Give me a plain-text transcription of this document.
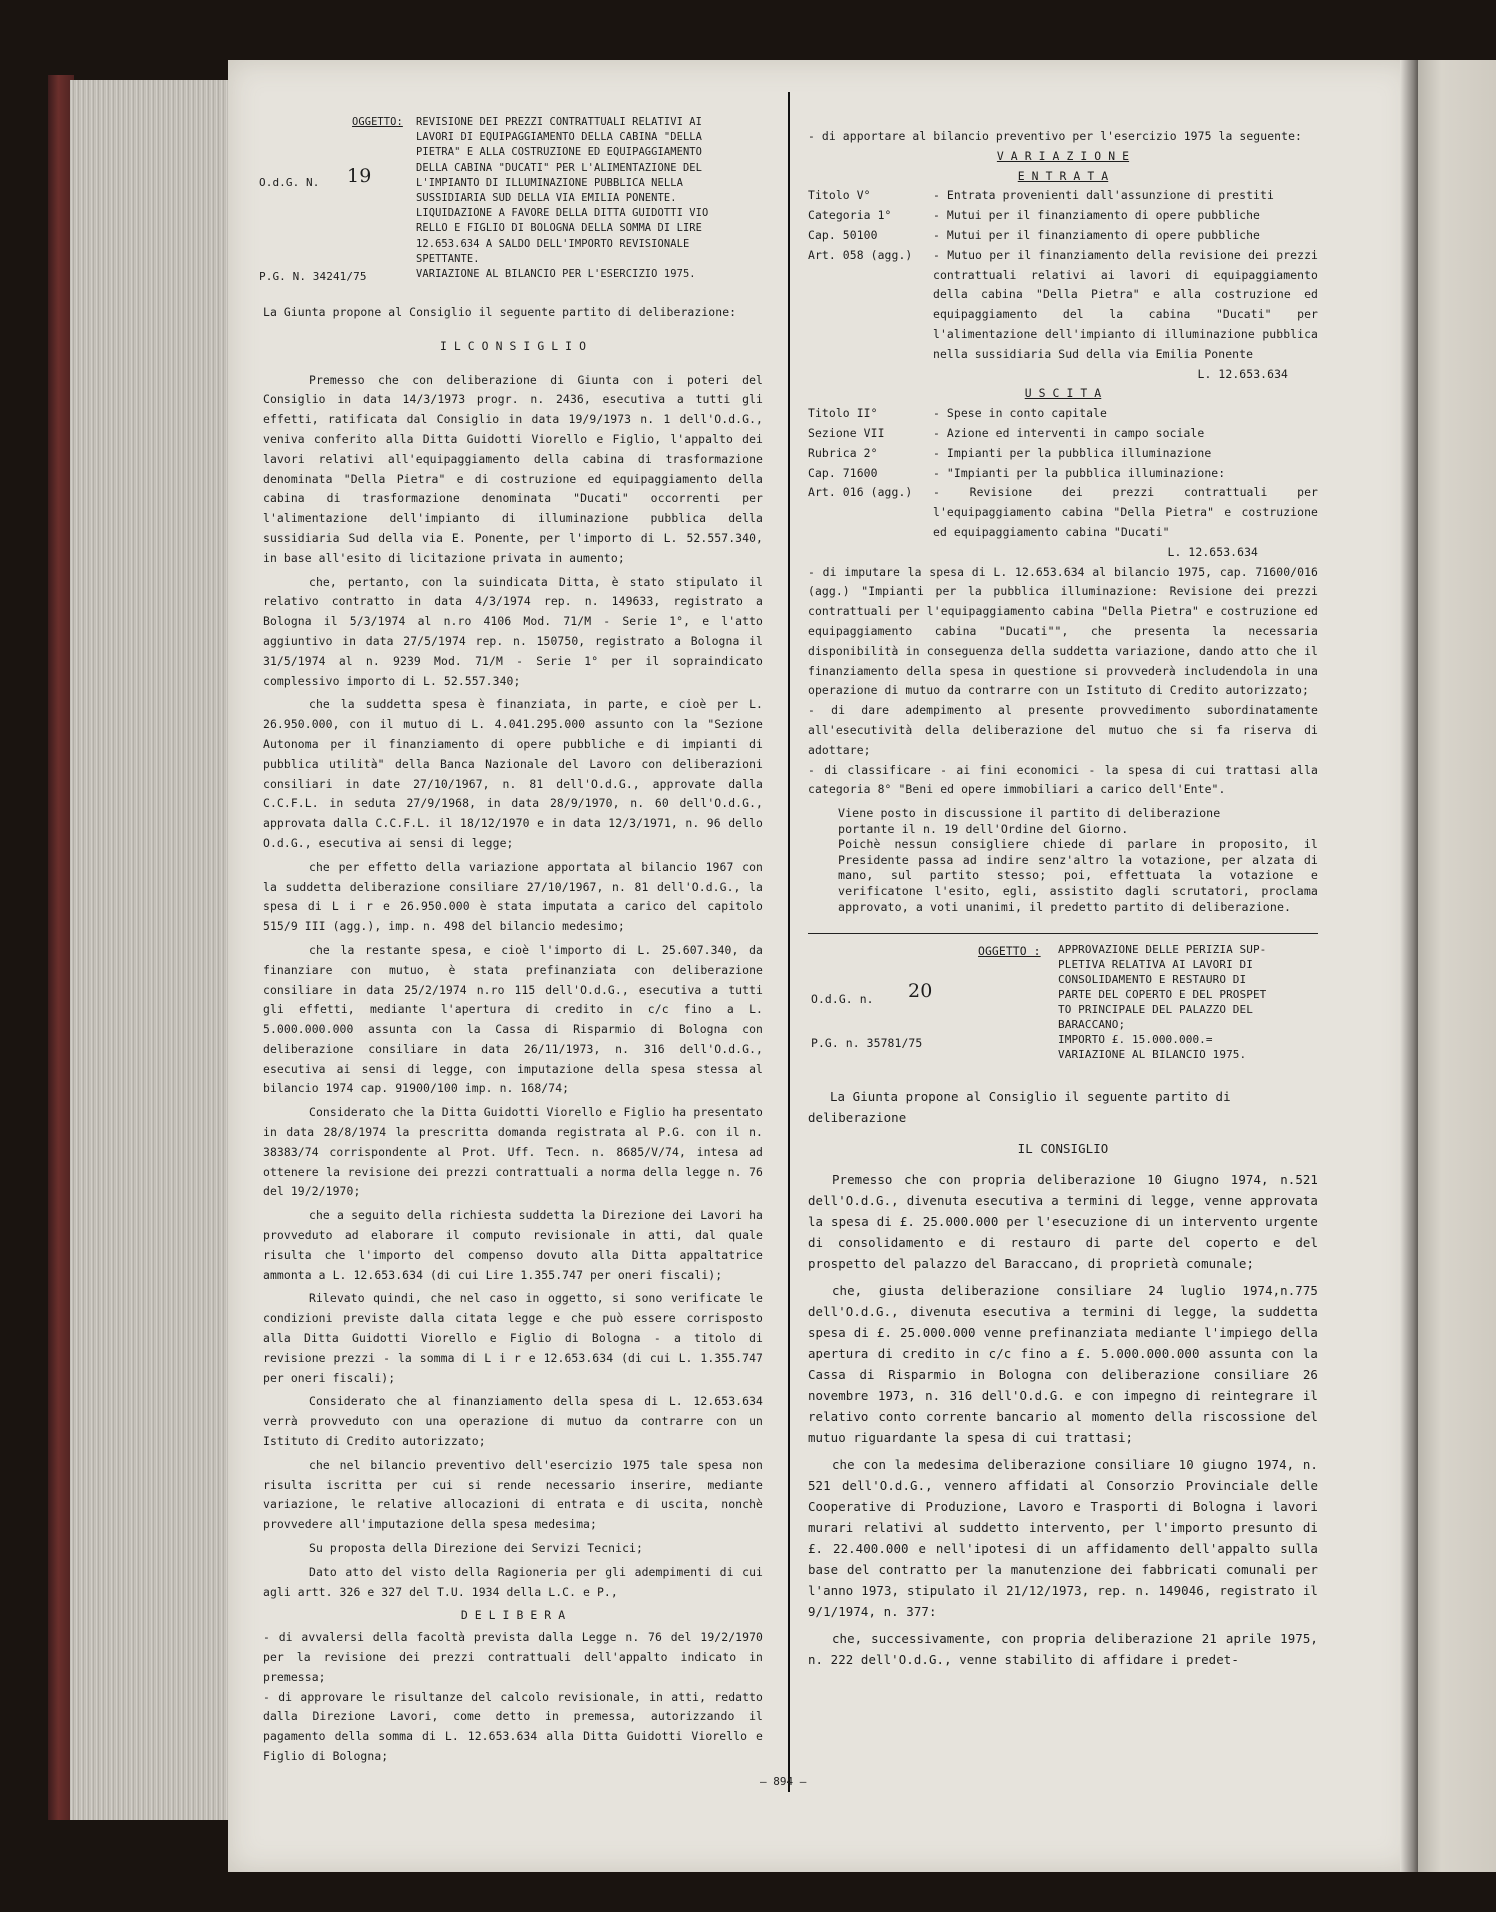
OGGETTO: REVISIONE DEI PREZZI CONTRATTUALI RELATIVI AI

LAVORI DI EQUIPAGGIAMENTO DELLA CABINA "DELLA

PIETRA" E ALLA COSTRUZIONE ED EQUIPAGGIAMENTO

DELLA CABINA "DUCATI" PER L'ALIMENTAZIONE DEL

L'IMPIANTO DI ILLUMINAZIONE PUBBLICA NELLA

SUSSIDIARIA SUD DELLA VIA EMILIA PONENTE.

LIQUIDAZIONE A FAVORE DELLA DITTA GUIDOTTI VIO

RELLO E FIGLIO DI BOLOGNA DELLA SOMMA DI LIRE

12.653.634 A SALDO DELL'IMPORTO REVISIONALE

SPETTANTE.

VARIAZIONE AL BILANCIO PER L'ESERCIZIO 1975.

O.d.G. N. 19
P.G. N. 34241/75

La Giunta propone al Consiglio il seguente partito di deliberazione:

I L C O N S I G L I O

Premesso che con deliberazione di Giunta con i poteri del Consiglio in data 14/3/1973 progr. n. 2436, esecutiva a tutti gli effetti, ratificata dal Consiglio in data 19/9/1973 n. 1 dell'O.d.G., veniva conferito alla Ditta Guidotti Viorello e Figlio, l'appalto dei lavori relativi all'equipaggiamento della cabina di trasformazione denominata "Della Pietra" e di costruzione ed equipaggiamento della cabina di trasformazione denominata "Ducati" occorrenti per l'alimentazione dell'impianto di illuminazione pubblica della sussidiaria Sud della via E. Ponente, per l'importo di L. 52.557.340, in base all'esito di licitazione privata in aumento;

che, pertanto, con la suindicata Ditta, è stato stipulato il relativo contratto in data 4/3/1974 rep. n. 149633, registrato a Bologna il 5/3/1974 al n.ro 4106 Mod. 71/M - Serie 1°, e l'atto aggiuntivo in data 27/5/1974 rep. n. 150750, registrato a Bologna il 31/5/1974 al n. 9239 Mod. 71/M - Serie 1° per il sopraindicato complessivo importo di L. 52.557.340;

che la suddetta spesa è finanziata, in parte, e cioè per L. 26.950.000, con il mutuo di L. 4.041.295.000 assunto con la "Sezione Autonoma per il finanziamento di opere pubbliche e di impianti di pubblica utilità" della Banca Nazionale del Lavoro con deliberazioni consiliari in date 27/10/1967, n. 81 dell'O.d.G., approvate dalla C.C.F.L. in seduta 27/9/1968, in data 28/9/1970, n. 60 dell'O.d.G., approvata dalla C.C.F.L. il 18/12/1970 e in data 12/3/1971, n. 96 dello O.d.G., esecutiva ai sensi di legge;

che per effetto della variazione apportata al bilancio 1967 con la suddetta deliberazione consiliare 27/10/1967, n. 81 dell'O.d.G., la spesa di L i r e 26.950.000 è stata imputata a carico del capitolo 515/9 III (agg.), imp. n. 498 del bilancio medesimo;

che la restante spesa, e cioè l'importo di L. 25.607.340, da finanziare con mutuo, è stata prefinanziata con deliberazione consiliare in data 25/2/1974 n.ro 115 dell'O.d.G., esecutiva a tutti gli effetti, mediante l'apertura di credito in c/c fino a L. 5.000.000.000 assunta con la Cassa di Risparmio di Bologna con deliberazione consiliare in data 26/11/1973, n. 316 dell'O.d.G., esecutiva ai sensi di legge, con imputazione della spesa stessa al bilancio 1974 cap. 91900/100 imp. n. 168/74;

Considerato che la Ditta Guidotti Viorello e Figlio ha presentato in data 28/8/1974 la prescritta domanda registrata al P.G. con il n. 38383/74 corrispondente al Prot. Uff. Tecn. n. 8685/V/74, intesa ad ottenere la revisione dei prezzi contrattuali a norma della legge n. 76 del 19/2/1970;

che a seguito della richiesta suddetta la Direzione dei Lavori ha provveduto ad elaborare il computo revisionale in atti, dal quale risulta che l'importo del compenso dovuto alla Ditta appaltatrice ammonta a L. 12.653.634 (di cui Lire 1.355.747 per oneri fiscali);

Rilevato quindi, che nel caso in oggetto, si sono verificate le condizioni previste dalla citata legge e che può essere corrisposto alla Ditta Guidotti Viorello e Figlio di Bologna - a titolo di revisione prezzi - la somma di L i r e 12.653.634 (di cui L. 1.355.747 per oneri fiscali);

Considerato che al finanziamento della spesa di L. 12.653.634 verrà provveduto con una operazione di mutuo da contrarre con un Istituto di Credito autorizzato;

che nel bilancio preventivo dell'esercizio 1975 tale spesa non risulta iscritta per cui si rende necessario inserire, mediante variazione, le relative allocazioni di entrata e di uscita, nonchè provvedere all'imputazione della spesa medesima;

Su proposta della Direzione dei Servizi Tecnici;

Dato atto del visto della Ragioneria per gli adempimenti di cui agli artt. 326 e 327 del T.U. 1934 della L.C. e P.,

D E L I B E R A

- di avvalersi della facoltà prevista dalla Legge n. 76 del 19/2/1970 per la revisione dei prezzi contrattuali dell'appalto indicato in premessa;

- di approvare le risultanze del calcolo revisionale, in atti, redatto dalla Direzione Lavori, come detto in premessa, autorizzando il pagamento della somma di L. 12.653.634 alla Ditta Guidotti Viorello e Figlio di Bologna;

- di apportare al bilancio preventivo per l'esercizio 1975 la seguente:

V A R I A Z I O N E

E N T R A T A

Titolo V°	- Entrata provenienti dall'assunzione di prestiti
Categoria 1°	- Mutui per il finanziamento di opere pubbliche
Cap. 50100	- Mutui per il finanziamento di opere pubbliche
Art. 058 (agg.)	- Mutuo per il finanziamento della revisione dei prezzi contrattuali relativi ai lavori di equipaggiamento della cabina "Della Pietra" e alla costruzione ed equipaggiamento del la cabina "Ducati" per l'alimentazione dell'impianto di illuminazione pubblica nella sussidiaria Sud della via Emilia Ponente

L. 12.653.634

U S C I T A

Titolo II°	- Spese in conto capitale
Sezione VII	- Azione ed interventi in campo sociale
Rubrica 2°	- Impianti per la pubblica illuminazione
Cap. 71600	- "Impianti per la pubblica illuminazione:
Art. 016 (agg.)	- Revisione dei prezzi contrattuali per l'equipaggiamento cabina "Della Pietra" e costruzione ed equipaggiamento cabina "Ducati"

L. 12.653.634

- di imputare la spesa di L. 12.653.634 al bilancio 1975, cap. 71600/016 (agg.) "Impianti per la pubblica illuminazione: Revisione dei prezzi contrattuali per l'equipaggiamento cabina "Della Pietra" e costruzione ed equipaggiamento cabina "Ducati"", che presenta la necessaria disponibilità in conseguenza della suddetta variazione, dando atto che il finanziamento della spesa in questione si provvederà includendola in una operazione di mutuo da contrarre con un Istituto di Credito autorizzato;

- di dare adempimento al presente provvedimento subordinatamente all'esecutività della deliberazione del mutuo che si fa riserva di adottare;

- di classificare - ai fini economici - la spesa di cui trattasi alla categoria 8° "Beni ed opere immobiliari a carico dell'Ente".

Viene posto in discussione il partito di deliberazione

portante il n. 19 dell'Ordine del Giorno.

Poichè nessun consigliere chiede di parlare in proposito, il Presidente passa ad indire senz'altro la votazione, per alzata di mano, sul partito stesso; poi, effettuata la votazione e verificatone l'esito, egli, assistito dagli scrutatori, proclama approvato, a voti unanimi, il predetto partito di deliberazione.

OGGETTO : APPROVAZIONE DELLE PERIZIA SUP-

PLETIVA RELATIVA AI LAVORI DI

CONSOLIDAMENTO E RESTAURO DI

PARTE DEL COPERTO E DEL PROSPET

TO PRINCIPALE DEL PALAZZO DEL

BARACCANO;

IMPORTO £. 15.000.000.=

VARIAZIONE AL BILANCIO 1975.

O.d.G. n. 20
P.G. n. 35781/75

La Giunta propone al Consiglio il seguente partito di deliberazione

IL CONSIGLIO

Premesso che con propria deliberazione 10 Giugno 1974, n.521 dell'O.d.G., divenuta esecutiva a termini di legge, venne approvata la spesa di £. 25.000.000 per l'esecuzione di un intervento urgente di consolidamento e di restauro di parte del coperto e del prospetto del palazzo del Baraccano, di proprietà comunale;

che, giusta deliberazione consiliare 24 luglio 1974,n.775 dell'O.d.G., divenuta esecutiva a termini di legge, la suddetta spesa di £. 25.000.000 venne prefinanziata mediante l'impiego della apertura di credito in c/c fino a £. 5.000.000.000 assunta con la Cassa di Risparmio in Bologna con deliberazione consiliare 26 novembre 1973, n. 316 dell'O.d.G. e con impegno di reintegrare il relativo conto corrente bancario al momento della riscossione del mutuo riguardante la spesa di cui trattasi;

che con la medesima deliberazione consiliare 10 giugno 1974, n. 521 dell'O.d.G., vennero affidati al Consorzio Provinciale delle Cooperative di Produzione, Lavoro e Trasporti di Bologna i lavori murari relativi al suddetto intervento, per l'importo presunto di £. 22.400.000 e nell'ipotesi di un affidamento dell'appalto sulla base del contratto per la manutenzione dei fabbricati comunali per l'anno 1973, stipulato il 21/12/1973, rep. n. 149046, registrato il 9/1/1974, n. 377:

che, successivamente, con propria deliberazione 21 aprile 1975, n. 222 dell'O.d.G., venne stabilito di affidare i predet-

– 894 –
